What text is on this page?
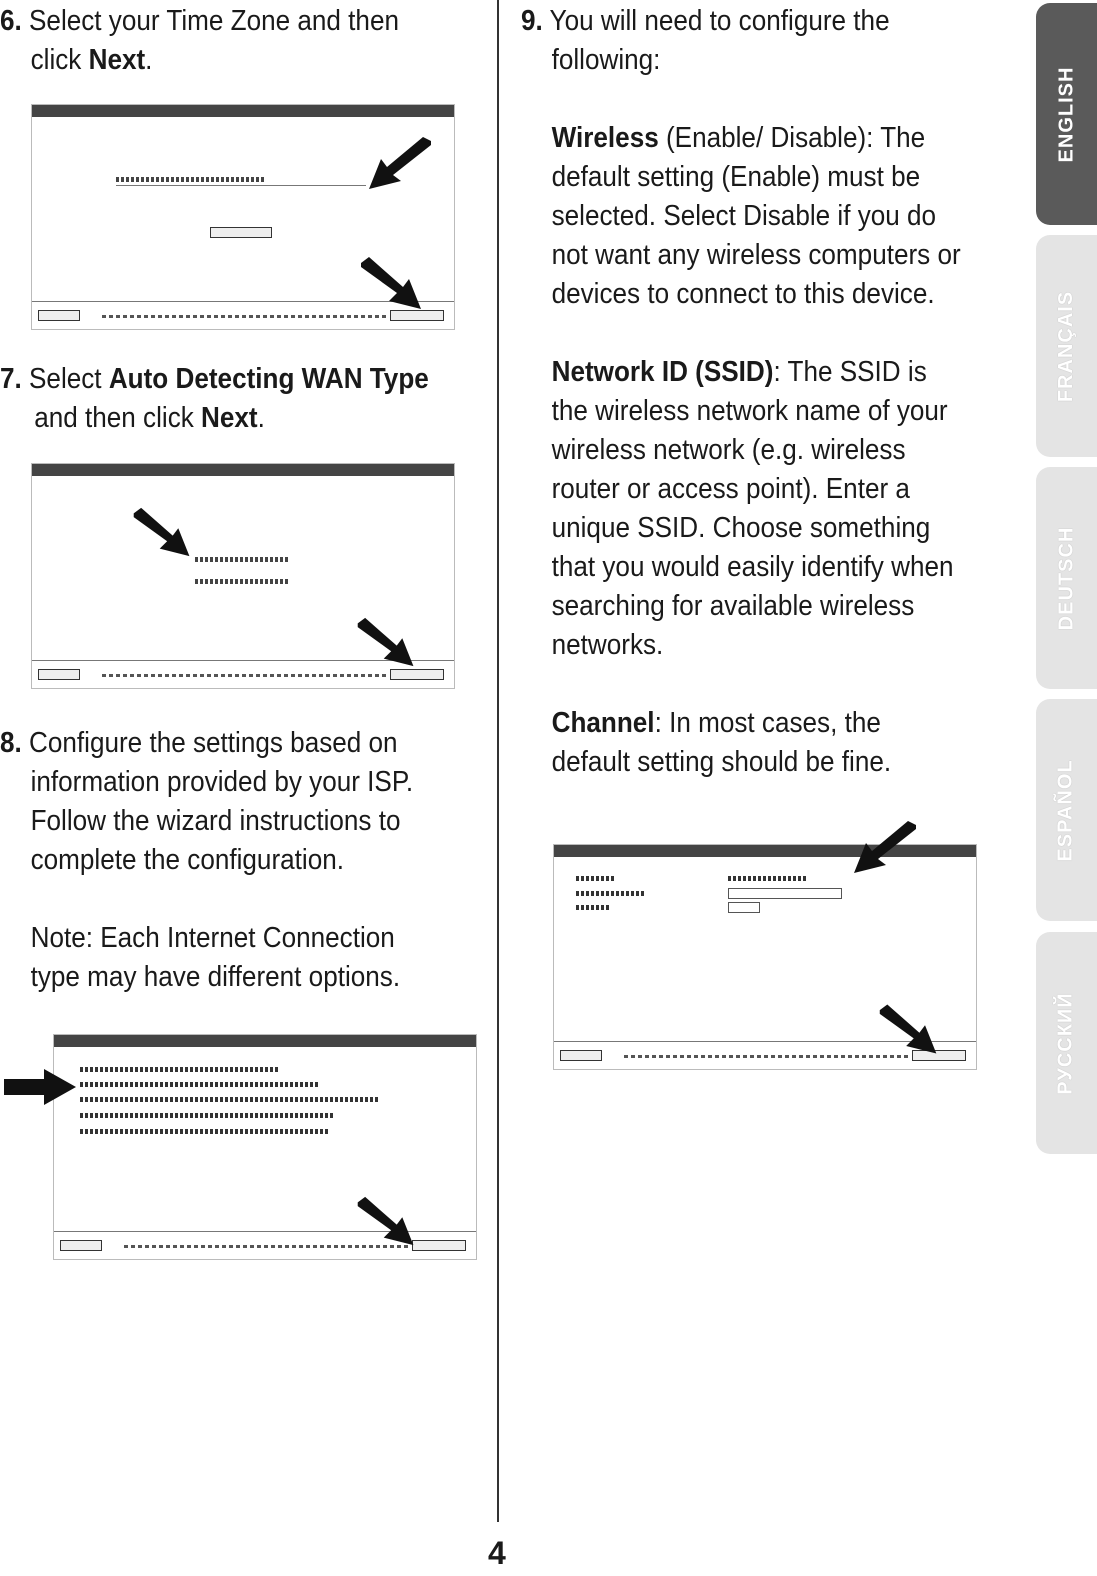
6. Select your Time Zone and then
click Next.
7. Select Auto Detecting WAN Type
and then click Next.
8. Configure the settings based on
information provided by your ISP.
Follow the wizard instructions to
complete the configuration.

Note: Each Internet Connection
type may have different options.
9. You will need to configure the
following:

Wireless (Enable/ Disable): The
default setting (Enable) must be
selected. Select Disable if you do
not want any wireless computers or
devices to connect to this device.

Network ID (SSID): The SSID is
the wireless network name of your
wireless network (e.g. wireless
router or access point). Enter a
unique SSID. Choose something
that you would easily identify when
searching for available wireless
networks.

Channel: In most cases, the
default setting should be fine.
ENGLISH
FRANÇAIS
DEUTSCH
ESPAÑOL
РУССКИЙ
4
